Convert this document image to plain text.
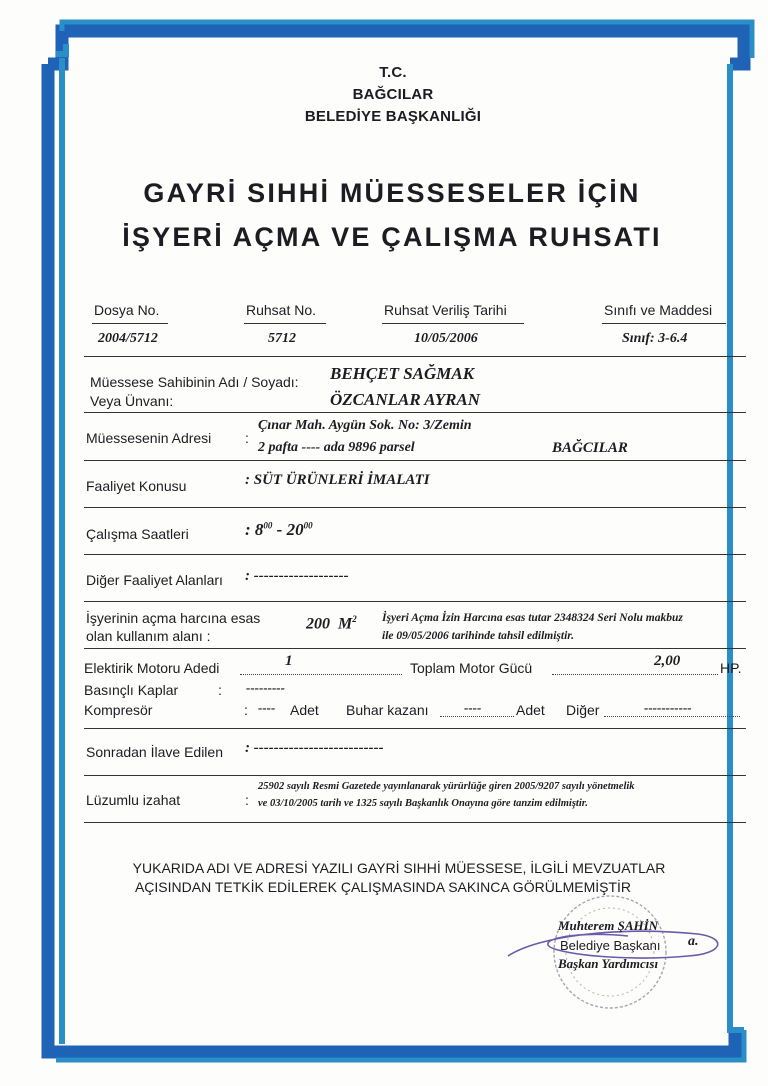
T.C.
BAĞCILAR
BELEDİYE BAŞKANLIĞI
GAYRİ SIHHİ MÜESSESELER İÇİN
İŞYERİ AÇMA VE ÇALIŞMA RUHSATI
Dosya No.	Ruhsat No.	Ruhsat Veriliş Tarihi	Sınıfı ve Maddesi
2004/5712	5712	10/05/2006	Sınıf: 3-6.4
Müessese Sahibinin Adı / Soyadı:
Veya Ünvanı:
BEHÇET SAĞMAK
ÖZCANLAR AYRAN
Müessesenin Adresi :
Çınar Mah. Aygün Sok. No: 3/Zemin
2 pafta ---- ada 9896 parsel	BAĞCILAR
Faaliyet Konusu	: SÜT ÜRÜNLERİ İMALATI
Çalışma Saatleri	: $8^{00} - 20^{00}$
Diğer Faaliyet Alanları : -------------------
İşyerinin açma harcına esas
olan kullanım alanı :
200  $M^2$ İşyeri Açma İzin Harcına esas tutar 2348324 Seri Nolu makbuz
ile 09/05/2006 tarihinde tahsil edilmiştir.
Elektirik Motoru Adedi	1	Toplam Motor Gücü	2,00	HP.
Basınçlı Kaplar	: ---------
Kompresör	: ---- Adet Buhar kazanı	---- Adet Diğer	-----------
Sonradan İlave Edilen : --------------------------
Lüzumlu izahat	:
25902 sayılı Resmi Gazetede yayınlanarak yürürlüğe giren 2005/9207 sayılı yönetmelik
ve 03/10/2005 tarih ve 1325 sayılı Başkanlık Onayına göre tanzim edilmiştir.
YUKARIDA ADI VE ADRESİ YAZILI GAYRİ SIHHİ MÜESSESE, İLGİLİ MEVZUATLAR
AÇISINDAN TETKİK EDİLEREK ÇALIŞMASINDA SAKINCA GÖRÜLMEMİŞTİR
Muhterem ŞAHİN
Belediye Başkanı a.
Başkan Yardımcısı
